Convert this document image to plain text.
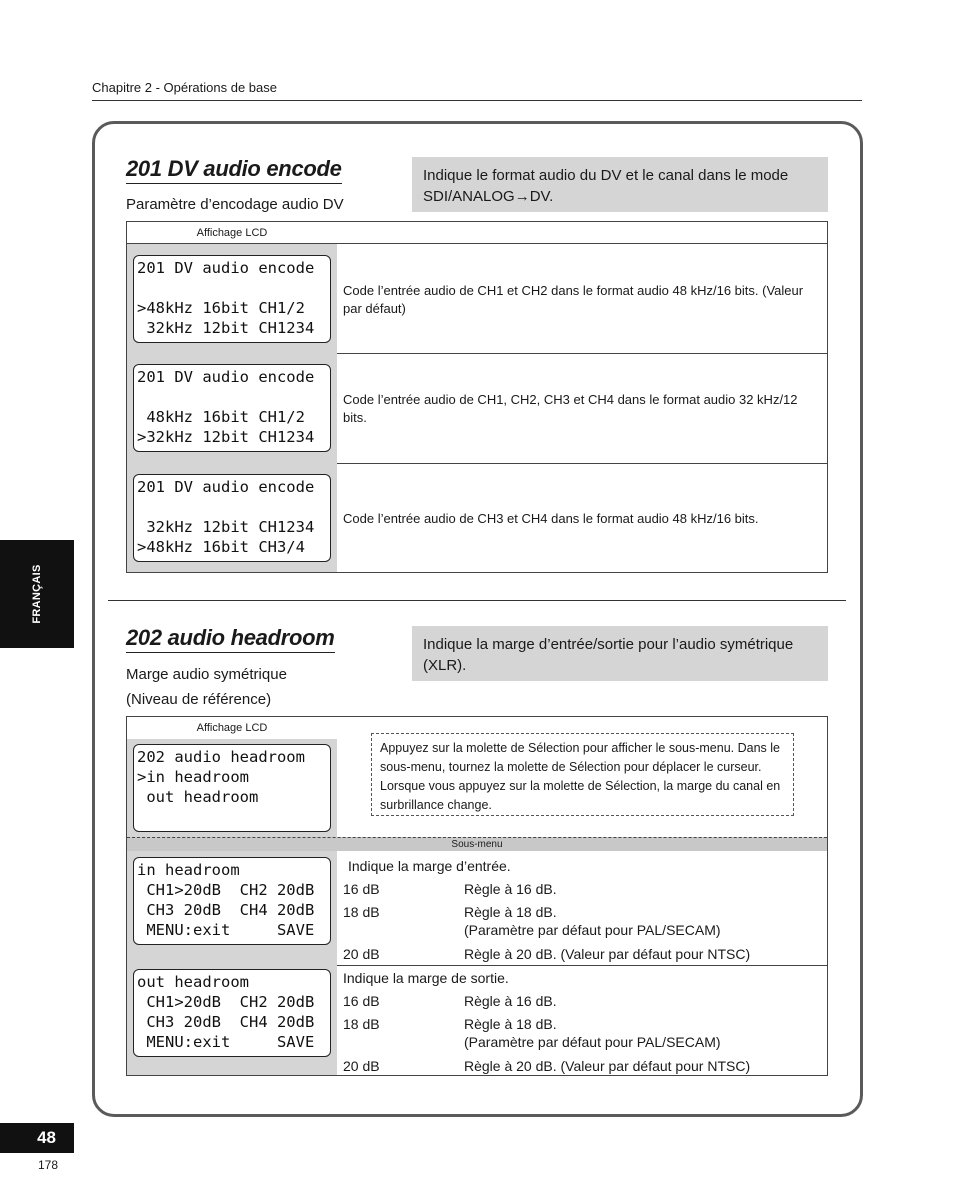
Chapitre 2 - Opérations de base
201 DV audio encode
Paramètre d’encodage audio DV
Indique le format audio du DV et le canal dans le mode SDI/ANALOG→DV.
Affichage LCD
201 DV audio encode

>48kHz 16bit CH1/2
32kHz 12bit CH1234
Code l’entrée audio de CH1 et CH2 dans le format audio 48 kHz/16 bits. (Valeur par défaut)
201 DV audio encode

48kHz 16bit CH1/2
>32kHz 12bit CH1234
Code l’entrée audio de CH1, CH2, CH3 et CH4 dans le format audio 32 kHz/12 bits.
201 DV audio encode

32kHz 12bit CH1234
>48kHz 16bit CH3/4
Code l’entrée audio de CH3 et CH4 dans le format audio 48 kHz/16 bits.
202 audio headroom
Marge audio symétrique
(Niveau de référence)
Indique la marge d’entrée/sortie pour l’audio symétrique (XLR).
Affichage LCD
202 audio headroom
>in headroom
out headroom
Appuyez sur la molette de Sélection pour afficher le sous-menu. Dans le sous-menu, tournez la molette de Sélection pour déplacer le curseur. Lorsque vous appuyez sur la molette de Sélection, la marge du canal en surbrillance change.
Sous-menu
in headroom
CH1>20dB  CH2 20dB
CH3 20dB  CH4 20dB
MENU:exit     SAVE
Indique la marge d’entrée.
16 dB	Règle à 16 dB.
18 dB	Règle à 18 dB.
(Paramètre par défaut pour PAL/SECAM)
20 dB	Règle à 20 dB. (Valeur par défaut pour NTSC)
out headroom
CH1>20dB  CH2 20dB
CH3 20dB  CH4 20dB
MENU:exit     SAVE
Indique la marge de sortie.
16 dB	Règle à 16 dB.
18 dB	Règle à 18 dB.
(Paramètre par défaut pour PAL/SECAM)
20 dB	Règle à 20 dB. (Valeur par défaut pour NTSC)
FRANÇAIS
48
178
